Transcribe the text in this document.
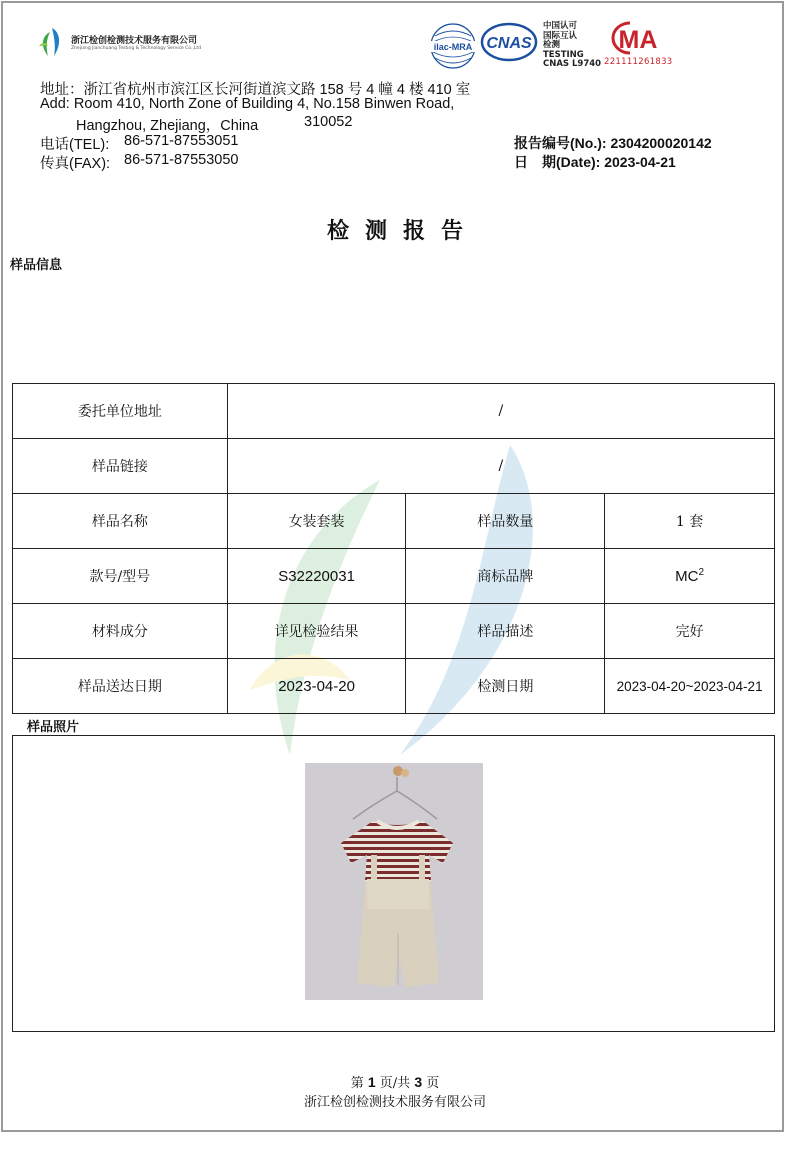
浙江检创检测技术服务有限公司
Zhejiang Jianchuang Testing & Technology Service Co.,Ltd	ilac-MRA CNAS
中国认可
国际互认
检测
TESTING
CNAS L9740
MA
221111261833
地址：浙江省杭州市滨江区长河街道滨文路 158 号 4 幢 4 楼 410 室
Add: Room 410, North Zone of Building 4, No.158 Binwen Road,
Hangzhou, Zhejiang，China	310052
电话(TEL): 86-571-87553051
传真(FAX): 86-571-87553050
报告编号(No.): 2304200020142
日　期(Date): 2023-04-21
检测报告
样品信息
委托单位地址	/		
样品链接	/		
样品名称	女装套装	样品数量	1 套
款号/型号	S32220031	商标品牌	$MC^2$
材料成分	详见检验结果	样品描述	完好
样品送达日期	2023-04-20	检测日期	2023-04-20~2023-04-21
样品照片
第 1 页/共 3 页
浙江检创检测技术服务有限公司
